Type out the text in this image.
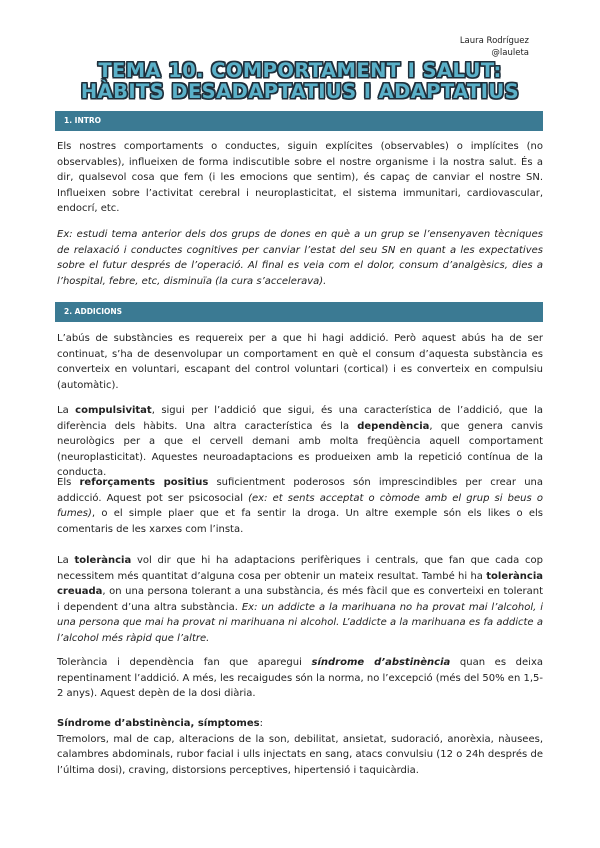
Laura Rodríguez
@lauleta
TEMA 10. COMPORTAMENT I SALUT:
HÀBITS DESADAPTATIUS I ADAPTATIUS
1. INTRO
Els nostres comportaments o conductes, siguin explícites (observables) o implícites (no observables), influeixen de forma indiscutible sobre el nostre organisme i la nostra salut. És a dir, qualsevol cosa que fem (i les emocions que sentim), és capaç de canviar el nostre SN. Influeixen sobre l’activitat cerebral i neuroplasticitat, el sistema immunitari, cardiovascular, endocrí, etc.
Ex: estudi tema anterior dels dos grups de dones en què a un grup se l’ensenyaven tècniques de relaxació i conductes cognitives per canviar l’estat del seu SN en quant a les expectatives sobre el futur després de l’operació. Al final es veia com el dolor, consum d’analgèsics, dies a l’hospital, febre, etc, disminuïa (la cura s’accelerava).
2. ADDICIONS
L’abús de substàncies es requereix per a que hi hagi addició. Però aquest abús ha de ser continuat, s’ha de desenvolupar un comportament en què el consum d’aquesta substància es converteix en voluntari, escapant del control voluntari (cortical) i es converteix en compulsiu (automàtic).
La compulsivitat, sigui per l’addició que sigui, és una característica de l’addició, que la diferència dels hàbits. Una altra característica és la dependència, que genera canvis neurològics per a que el cervell demani amb molta freqüència aquell comportament (neuroplasticitat). Aquestes neuroadaptacions es produeixen amb la repetició contínua de la conducta.
Els reforçaments positius suficientment poderosos són imprescindibles per crear una addicció. Aquest pot ser psicosocial (ex: et sents acceptat o còmode amb el grup si beus o fumes), o el simple plaer que et fa sentir la droga. Un altre exemple són els likes o els comentaris de les xarxes com l’insta.
La tolerància vol dir que hi ha adaptacions perifèriques i centrals, que fan que cada cop necessitem més quantitat d’alguna cosa per obtenir un mateix resultat. També hi ha tolerància creuada, on una persona tolerant a una substància, és més fàcil que es converteixi en tolerant i dependent d’una altra substància. Ex: un addicte a la marihuana no ha provat mai l’alcohol, i una persona que mai ha provat ni marihuana ni alcohol. L’addicte a la marihuana es fa addicte a l’alcohol més ràpid que l’altre.
Tolerància i dependència fan que aparegui síndrome d’abstinència quan es deixa repentinament l’addició. A més, les recaigudes són la norma, no l’excepció (més del 50% en 1,5-2 anys). Aquest depèn de la dosi diària.
Síndrome d’abstinència, símptomes:
Tremolors, mal de cap, alteracions de la son, debilitat, ansietat, sudoració, anorèxia, nàusees, calambres abdominals, rubor facial i ulls injectats en sang, atacs convulsiu (12 o 24h després de l’última dosi), craving, distorsions perceptives, hipertensió i taquicàrdia.
